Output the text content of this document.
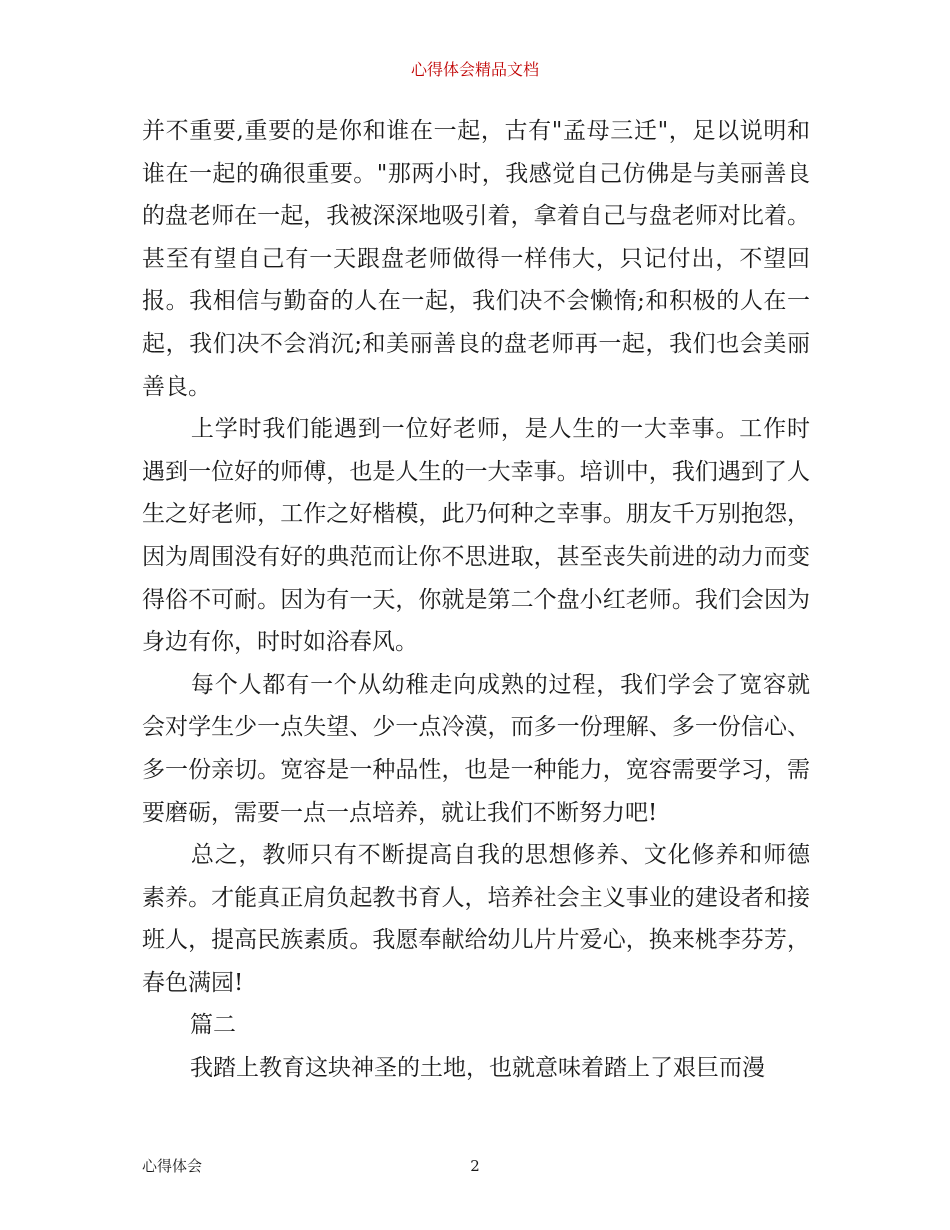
心得体会精品文档

并不重要,重要的是你和谁在一起，古有"孟母三迁"，足以说明和谁在一起的确很重要。"那两小时，我感觉自己仿佛是与美丽善良的盘老师在一起，我被深深地吸引着，拿着自己与盘老师对比着。甚至有望自己有一天跟盘老师做得一样伟大，只记付出，不望回报。我相信与勤奋的人在一起，我们决不会懒惰;和积极的人在一起，我们决不会消沉;和美丽善良的盘老师再一起，我们也会美丽善良。

上学时我们能遇到一位好老师，是人生的一大幸事。工作时遇到一位好的师傅，也是人生的一大幸事。培训中，我们遇到了人生之好老师，工作之好楷模，此乃何种之幸事。朋友千万别抱怨，因为周围没有好的典范而让你不思进取，甚至丧失前进的动力而变得俗不可耐。因为有一天，你就是第二个盘小红老师。我们会因为身边有你，时时如浴春风。

每个人都有一个从幼稚走向成熟的过程，我们学会了宽容就会对学生少一点失望、少一点冷漠，而多一份理解、多一份信心、多一份亲切。宽容是一种品性，也是一种能力，宽容需要学习，需要磨砺，需要一点一点培养，就让我们不断努力吧!

总之，教师只有不断提高自我的思想修养、文化修养和师德素养。才能真正肩负起教书育人，培养社会主义事业的建设者和接班人，提高民族素质。我愿奉献给幼儿片片爱心，换来桃李芬芳，春色满园!

篇二

我踏上教育这块神圣的土地，也就意味着踏上了艰巨而漫

心得体会	2
